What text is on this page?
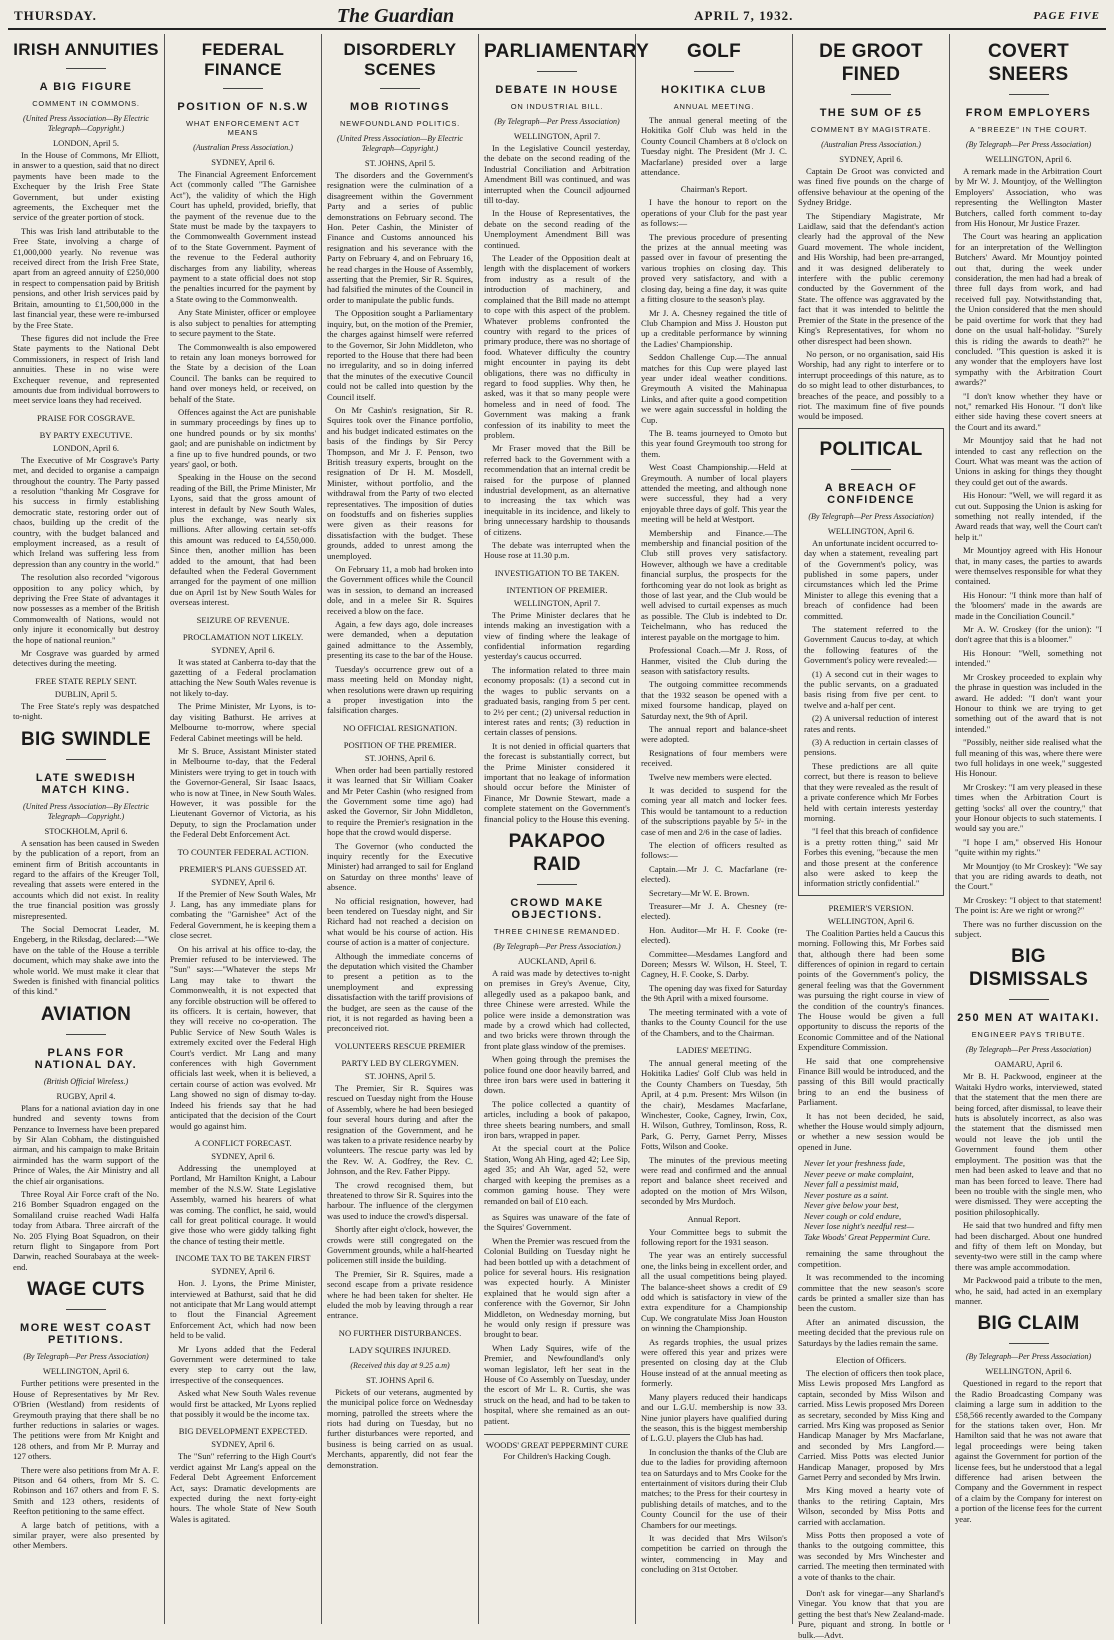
THURSDAY.	The Guardian	APRIL 7, 1932.	PAGE FIVE
IRISH ANNUITIES
A BIG FIGURE
COMMENT IN COMMONS.
(United Press Association—By Electric Telegraph—Copyright.)
LONDON, April 5.

In the House of Commons, Mr Elliott, in answer to a question, said that no direct payments have been made to the Exchequer by the Irish Free State Government, but under existing agreements, the Exchequer met the service of the greater portion of stock.

This was Irish land attributable to the Free State, involving a charge of £1,000,000 yearly. No revenue was received direct from the Irish Free State, apart from an agreed annuity of £250,000 in respect to compensation paid by British pensions, and other Irish services paid by Britain, amounting to £1,500,000 in the last financial year, these were re-imbursed by the Free State.

These figures did not include the Free State payments to the National Debt Commissioners, in respect of Irish land annuities. These in no wise were Exchequer revenue, and represented amounts due from individual borrowers to meet service loans they had received.

PRAISE FOR COSGRAVE.
BY PARTY EXECUTIVE.
LONDON, April 6.

The Executive of Mr Cosgrave's Party met, and decided to organise a campaign throughout the country. The Party passed a resolution "thanking Mr Cosgrave for his success in firmly establishing democratic state, restoring order out of chaos, building up the credit of the country, with the budget balanced and employment increased, as a result of which Ireland was suffering less from depression than any country in the world."

The resolution also recorded "vigorous opposition to any policy which, by depriving the Free State of advantages it now possesses as a member of the British Commonwealth of Nations, would not only injure it economically but destroy the hope of national reunion."

Mr Cosgrave was guarded by armed detectives during the meeting.

FREE STATE REPLY SENT.
DUBLIN, April 5.

The Free State's reply was despatched to-night.

BIG SWINDLE
LATE SWEDISH MATCH KING.
(United Press Association—By Electric Telegraph—Copyright.)
STOCKHOLM, April 6.

A sensation has been caused in Sweden by the publication of a report, from an eminent firm of British accountants in regard to the affairs of the Kreuger Toll, revealing that assets were entered in the accounts which did not exist. In reality the true financial position was grossly misrepresented.

The Social Democrat Leader, M. Engeberg, in the Riksdag, declared:—"We have on the table of the House a terrible document, which may shake awe into the whole world. We must make it clear that Sweden is finished with financial politics of this kind."

AVIATION
PLANS FOR NATIONAL DAY.
(British Official Wireless.)
RUGBY, April 4.

Plans for a national aviation day in one hundred and seventy towns from Penzance to Inverness have been prepared by Sir Alan Cobham, the distinguished airman, and his campaign to make Britain airminded has the warm support of the Prince of Wales, the Air Ministry and all the chief air organisations.

Three Royal Air Force craft of the No. 216 Bomber Squadron engaged on the Somaliland cruise reached Wadi Halfa today from Atbara. Three aircraft of the No. 205 Flying Boat Squadron, on their return flight to Singapore from Port Darwin, reached Sourabaya at the week-end.

WAGE CUTS
MORE WEST COAST PETITIONS.
(By Telegraph—Per Press Association)
WELLINGTON, April 6.

Further petitions were presented in the House of Representatives by Mr Rev. O'Brien (Westland) from residents of Greymouth praying that there shall be no further reductions in salaries or wages. The petitions were from Mr Knight and 128 others, and from Mr P. Murray and 127 others.

There were also petitions from Mr A. F. Pitson and 64 others, from Mr S. C. Robinson and 167 others and from F. S. Smith and 123 others, residents of Reefton petitioning to the same effect.

A large batch of petitions, with a similar prayer, were also presented by other Members.

FEDERAL FINANCE
POSITION OF N.S.W
WHAT ENFORCEMENT ACT MEANS
(Australian Press Association.)
SYDNEY, April 6.

The Financial Agreement Enforcement Act (commonly called "The Garnishee Act"), the validity of which the High Court has upheld, provided, briefly, that the payment of the revenue due to the State must be made by the taxpayers to the Commonwealth Government instead of to the State Government. Payment of the revenue to the Federal authority discharges from any liability, whereas payment to a state official does not stop the penalties incurred for the payment by a State owing to the Commonwealth.

Any State Minister, officer or employee is also subject to penalties for attempting to secure payment to the State.

The Commonwealth is also empowered to retain any loan moneys borrowed for the State by a decision of the Loan Council. The banks can be required to hand over moneys held, or received, on behalf of the State.

Offences against the Act are punishable in summary proceedings by fines up to one hundred pounds or by six months' gaol; and are punishable on indictment by a fine up to five hundred pounds, or two years' gaol, or both.

Speaking in the House on the second reading of the Bill, the Prime Minister, Mr Lyons, said that the gross amount of interest in default by New South Wales, plus the exchange, was nearly six millions. After allowing certain set-offs this amount was reduced to £4,550,000. Since then, another million has been added to the amount, that had been defaulted when the Federal Government arranged for the payment of one million due on April 1st by New South Wales for overseas interest.

SEIZURE OF REVENUE.
PROCLAMATION NOT LIKELY.
SYDNEY, April 6.

It was stated at Canberra to-day that the gazetting of a Federal proclamation attaching the New South Wales revenue is not likely to-day.

The Prime Minister, Mr Lyons, is to-day visiting Bathurst. He arrives at Melbourne to-morrow, where special Federal Cabinet meetings will be held.

Mr S. Bruce, Assistant Minister stated in Melbourne to-day, that the Federal Ministers were trying to get in touch with the Governor-General, Sir Isaac Isaacs, who is now at Tinee, in New South Wales. However, it was possible for the Lieutenant Governor of Victoria, as his Deputy, to sign the Proclamation under the Federal Debt Enforcement Act.

TO COUNTER FEDERAL ACTION.
PREMIER'S PLANS GUESSED AT.
SYDNEY, April 6.

If the Premier of New South Wales, Mr J. Lang, has any immediate plans for combating the "Garnishee" Act of the Federal Government, he is keeping them a close secret.

On his arrival at his office to-day, the Premier refused to be interviewed. The "Sun" says:—"Whatever the steps Mr Lang may take to thwart the Commonwealth, it is not expected that any forcible obstruction will be offered to its officers. It is certain, however, that they will receive no co-operation. The Public Service of New South Wales is extremely excited over the Federal High Court's verdict. Mr Lang and many conferences with high Government officials last week, when it is believed, a certain course of action was evolved. Mr Lang showed no sign of dismay to-day. Indeed his friends say that he had anticipated that the decision of the Court would go against him.

A CONFLICT FORECAST.
SYDNEY, April 6.

Addressing the unemployed at Portland, Mr Hamilton Knight, a Labour member of the N.S.W. State Legislative Assembly, warned his hearers of what was coming. The conflict, he said, would call for great political courage. It would give those who were giddy talking fight the chance of testing their mettle.

INCOME TAX TO BE TAKEN FIRST
SYDNEY, April 6.

Hon. J. Lyons, the Prime Minister, interviewed at Bathurst, said that he did not anticipate that Mr Lang would attempt to flout the Financial Agreement Enforcement Act, which had now been held to be valid.

Mr Lyons added that the Federal Government were determined to take every step to carry out the law, irrespective of the consequences.

Asked what New South Wales revenue would first be attacked, Mr Lyons replied that possibly it would be the income tax.

BIG DEVELOPMENT EXPECTED.
SYDNEY, April 6.

The "Sun" referring to the High Court's verdict against Mr Lang's appeal on the Federal Debt Agreement Enforcement Act, says: Dramatic developments are expected during the next forty-eight hours. The whole State of New South Wales is agitated.

DISORDERLY SCENES
MOB RIOTINGS
NEWFOUNDLAND POLITICS.
(United Press Association—By Electric Telegraph—Copyright.)
ST. JOHNS, April 5.

The disorders and the Government's resignation were the culmination of a disagreement within the Government Party and a series of public demonstrations on February second. The Hon. Peter Cashin, the Minister of Finance and Customs announced his resignation and his severance with the Party on February 4, and on February 16, he read charges in the House of Assembly, asserting that the Premier, Sir R. Squires, had falsified the minutes of the Council in order to manipulate the public funds.

The Opposition sought a Parliamentary inquiry, but, on the motion of the Premier, the charges against himself were referred to the Governor, Sir John Middleton, who reported to the House that there had been no irregularity, and so in doing inferred that the minutes of the executive Council could not be called into question by the Council itself.

On Mr Cashin's resignation, Sir R. Squires took over the Finance portfolio, and his budget indicated estimates on the basis of the findings by Sir Percy Thompson, and Mr J. F. Penson, two British treasury experts, brought on the resignation of Dr H. M. Mosdell, Minister, without portfolio, and the withdrawal from the Party of two elected representatives. The imposition of duties on foodstuffs and on fisheries supplies were given as their reasons for dissatisfaction with the budget. These grounds, added to unrest among the unemployed.

On February 11, a mob had broken into the Government offices while the Council was in session, to demand an increased dole, and in a melee Sir R. Squires received a blow on the face.

Again, a few days ago, dole increases were demanded, when a deputation gained admittance to the Assembly, presenting its case to the bar of the House.

Tuesday's occurrence grew out of a mass meeting held on Monday night, when resolutions were drawn up requiring a proper investigation into the falsification charges.

NO OFFICIAL RESIGNATION.
POSITION OF THE PREMIER.
ST. JOHNS, April 6.

When order had been partially restored it was learned that Sir William Coaker and Mr Peter Cashin (who resigned from the Government some time ago) had asked the Governor, Sir John Middleton, to require the Premier's resignation in the hope that the crowd would disperse.

The Governor (who conducted the inquiry recently for the Executive Minister) had arranged to sail for England on Saturday on three months' leave of absence.

No official resignation, however, had been tendered on Tuesday night, and Sir Richard had not reached a decision on what would be his course of action. His course of action is a matter of conjecture.

Although the immediate concerns of the deputation which visited the Chamber to present a petition as to the unemployment and expressing dissatisfaction with the tariff provisions of the budget, are seen as the cause of the riot, it is not regarded as having been a preconceived riot.

VOLUNTEERS RESCUE PREMIER
PARTY LED BY CLERGYMEN.
ST. JOHNS, April 5.

The Premier, Sir R. Squires was rescued on Tuesday night from the House of Assembly, where he had been besieged four several hours during and after the resignation of the Government, and he was taken to a private residence nearby by volunteers. The rescue party was led by the Rev. W. A. Godfrey, the Rev. C. Johnson, and the Rev. Father Pippy.

The crowd recognised them, but threatened to throw Sir R. Squires into the harbour. The influence of the clergymen was used to induce the crowd's dispersal.

Shortly after eight o'clock, however, the crowds were still congregated on the Government grounds, while a half-hearted policemen still inside the building.

The Premier, Sir R. Squires, made a second escape from a private residence where he had been taken for shelter. He eluded the mob by leaving through a rear entrance.

NO FURTHER DISTURBANCES.
LADY SQUIRES INJURED.
(Received this day at 9.25 a.m)
ST. JOHNS April 6.

Pickets of our veterans, augmented by the municipal police force on Wednesday morning, patrolled the streets where the riots had during on Tuesday, but no further disturbances were reported, and business is being carried on as usual. Merchants, apparently, did not fear the demonstration.

PARLIAMENTARY
DEBATE IN HOUSE
ON INDUSTRIAL BILL.
(By Telegraph—Per Press Association)
WELLINGTON, April 7.

In the Legislative Council yesterday, the debate on the second reading of the Industrial Conciliation and Arbitration Amendment Bill was continued, and was interrupted when the Council adjourned till to-day.

In the House of Representatives, the debate on the second reading of the Unemployment Amendment Bill was continued.

The Leader of the Opposition dealt at length with the displacement of workers from industry as a result of the introduction of machinery, and complained that the Bill made no attempt to cope with this aspect of the problem. Whatever problems confronted the country with regard to the prices of primary produce, there was no shortage of food. Whatever difficulty the country might encounter in paying its debt obligations, there was no difficulty in regard to food supplies. Why then, he asked, was it that so many people were homeless and in need of food. The Government was making a frank confession of its inability to meet the problem.

Mr Fraser moved that the Bill be referred back to the Government with a recommendation that an internal credit be raised for the purpose of planned industrial development, as an alternative to increasing the tax which was inequitable in its incidence, and likely to bring unnecessary hardship to thousands of citizens.

The debate was interrupted when the House rose at 11.30 p.m.

INVESTIGATION TO BE TAKEN.
INTENTION OF PREMIER.
WELLINGTON, April 7.

The Prime Minister declares that he intends making an investigation with a view of finding where the leakage of confidential information regarding yesterday's caucus occurred.

The information related to three main economy proposals: (1) a second cut in the wages to public servants on a graduated basis, ranging from 5 per cent. to 2½ per cent.; (2) universal reduction in interest rates and rents; (3) reduction in certain classes of pensions.

It is not denied in official quarters that the forecast is substantially correct, but the Prime Minister considered it important that no leakage of information should occur before the Minister of Finance, Mr Downie Stewart, made a complete statement on the Government's financial policy to the House this evening.

PAKAPOO RAID
CROWD MAKE OBJECTIONS.
THREE CHINESE REMANDED.
(By Telegraph—Per Press Association.)
AUCKLAND, April 6.

A raid was made by detectives to-night on premises in Grey's Avenue, City, allegedly used as a pakapoo bank, and three Chinese were arrested. While the police were inside a demonstration was made by a crowd which had collected, and two bricks were thrown through the front plate glass window of the premises.

When going through the premises the police found one door heavily barred, and three iron bars were used in battering it down.

The police collected a quantity of articles, including a book of pakapoo, three sheets bearing numbers, and small iron bars, wrapped in paper.

At the special court at the Police Station, Wong Ah Hing, aged 42; Lee Sip, aged 35; and Ah War, aged 52, were charged with keeping the premises as a common gaming house. They were remanded on bail of £10 each.

as Squires was unaware of the fate of the Squires' Government.

When the Premier was rescued from the Colonial Building on Tuesday night he had been bottled up with a detachment of police for several hours. His resignation was expected hourly. A Minister explained that he would sign after a conference with the Governor, Sir John Middleton, on Wednesday morning, but he would only resign if pressure was brought to bear.

When Lady Squires, wife of the Premier, and Newfoundland's only woman legislator, left her seat in the House of Co Assembly on Tuesday, under the escort of Mr L. R. Curtis, she was struck on the head, and had to be taken to hospital, where she remained as an out-patient.

WOODS' GREAT PEPPERMINT CURE
For Children's Hacking Cough.
GOLF
HOKITIKA CLUB
ANNUAL MEETING.

The annual general meeting of the Hokitika Golf Club was held in the County Council Chambers at 8 o'clock on Tuesday night. The President (Mr J. C. Macfarlane) presided over a large attendance.

Chairman's Report.

I have the honour to report on the operations of your Club for the past year as follows:—

The previous procedure of presenting the prizes at the annual meeting was passed over in favour of presenting the various trophies on closing day. This proved very satisfactory, and with a closing day, being a fine day, it was quite a fitting closure to the season's play.

Mr J. A. Chesney regained the title of Club Champion and Miss J. Houston put up a creditable performance by winning the Ladies' Championship.

Seddon Challenge Cup.—The annual matches for this Cup were played last year under ideal weather conditions. Greymouth A visited the Mahinapua Links, and after quite a good competition we were again successful in holding the Cup.

The B. teams journeyed to Omoto but this year found Greymouth too strong for them.

West Coast Championship.—Held at Greymouth. A number of local players attended the meeting, and although none were successful, they had a very enjoyable three days of golf. This year the meeting will be held at Westport.

Membership and Finance.—The membership and financial position of the Club still proves very satisfactory. However, although we have a creditable financial surplus, the prospects for the forthcoming year do not look as bright as those of last year, and the Club would be well advised to curtail expenses as much as possible. The Club is indebted to Dr. Teichelmann, who has reduced the interest payable on the mortgage to him.

Professional Coach.—Mr J. Ross, of Hanmer, visited the Club during the season with satisfactory results.

The outgoing committee recommends that the 1932 season be opened with a mixed foursome handicap, played on Saturday next, the 9th of April.

The annual report and balance-sheet were adopted.

Resignations of four members were received.

Twelve new members were elected.

It was decided to suspend for the coming year all match and locker fees. This would be tantamount to a reduction of the subscriptions payable by 5/- in the case of men and 2/6 in the case of ladies.

The election of officers resulted as follows:—

Captain.—Mr J. C. Macfarlane (re-elected).

Secretary—Mr W. E. Brown.

Treasurer—Mr J. A. Chesney (re-elected).

Hon. Auditor—Mr H. F. Cooke (re-elected).

Committee—Mesdames Langford and Doreen; Messrs W. Wilson, H. Steel, T. Cagney, H. F. Cooke, S. Darby.

The opening day was fixed for Saturday the 9th April with a mixed foursome.

The meeting terminated with a vote of thanks to the County Council for the use of the Chambers, and to the Chairman.

LADIES' MEETING.

The annual general meeting of the Hokitika Ladies' Golf Club was held in the County Chambers on Tuesday, 5th April, at 4 p.m. Present: Mrs Wilson (in the chair), Mesdames Macfarlane, Winchester, Cooke, Cagney, Irwin, Cox, H. Wilson, Guthrey, Tomlinson, Ross, R. Park, G. Perry, Garnet Perry, Misses Fotts, Wilson and Cooke.

The minutes of the previous meeting were read and confirmed and the annual report and balance sheet received and adopted on the motion of Mrs Wilson, seconded by Mrs Murdoch.

Annual Report.

Your Committee begs to submit the following report for the 1931 season.

The year was an entirely successful one, the links being in excellent order, and all the usual competitions being played. The balance-sheet shows a credit of £9 odd which is satisfactory in view of the extra expenditure for a Championship Cup. We congratulate Miss Joan Houston on winning the Championship.

As regards trophies, the usual prizes were offered this year and prizes were presented on closing day at the Club House instead of at the annual meeting as formerly.

Many players reduced their handicaps and our L.G.U. membership is now 33. Nine junior players have qualified during the season, this is the biggest membership of L.G.U. players the Club has had.

In conclusion the thanks of the Club are due to the ladies for providing afternoon tea on Saturdays and to Mrs Cooke for the entertainment of visitors during their Club matches; to the Press for their courtesy in publishing details of matches, and to the County Council for the use of their Chambers for our meetings.

It was decided that Mrs Wilson's competition be carried on through the winter, commencing in May and concluding on 31st October.

DE GROOT FINED
THE SUM OF £5
COMMENT BY MAGISTRATE.
(Australian Press Association.)
SYDNEY, April 6.

Captain De Groot was convicted and was fined five pounds on the charge of offensive behaviour at the opening of the Sydney Bridge.

The Stipendiary Magistrate, Mr Laidlaw, said that the defendant's action clearly had the approval of the New Guard movement. The whole incident, and His Worship, had been pre-arranged, and it was designed deliberately to interfere with the public ceremony conducted by the Government of the State. The offence was aggravated by the fact that it was intended to belittle the Premier of the State in the presence of the King's Representatives, for whom no other disrespect had been shown.

No person, or no organisation, said His Worship, had any right to interfere or to interrupt proceedings of this nature, as to do so might lead to other disturbances, to breaches of the peace, and possibly to a riot. The maximum fine of five pounds would be imposed.

POLITICAL
A BREACH OF CONFIDENCE
(By Telegraph—Per Press Association)
WELLINGTON, April 6.

An unfortunate incident occurred to-day when a statement, revealing part of the Government's policy, was published in some papers, under circumstances which led the Prime Minister to allege this evening that a breach of confidence had been committed.

The statement referred to the Government Caucus to-day, at which the following features of the Government's policy were revealed:—

(1) A second cut in their wages to the public servants, on a graduated basis rising from five per cent. to twelve and a-half per cent.

(2) A universal reduction of interest rates and rents.

(3) A reduction in certain classes of pensions.

These predictions are all quite correct, but there is reason to believe that they were revealed as the result of a private conference which Mr Forbes held with certain interests yesterday morning.

"I feel that this breach of confidence is a pretty rotten thing," said Mr Forbes this evening, "because the men and those present at the conference also were asked to keep the information strictly confidential."

PREMIER'S VERSION.
WELLINGTON, April 6.

The Coalition Parties held a Caucus this morning. Following this, Mr Forbes said that, although there had been some differences of opinion in regard to certain points of the Government's policy, the general feeling was that the Government was pursuing the right course in view of the condition of the country's finances. The House would be given a full opportunity to discuss the reports of the Economic Committee and of the National Expenditure Commission.

He said that one comprehensive Finance Bill would be introduced, and the passing of this Bill would practically bring to an end the business of Parliament.

It has not been decided, he said, whether the House would simply adjourn, or whether a new session would be opened in June.

Never let your freshness fade,
Never peeve or make complaint,
Never fall a pessimist maid,
Never posture as a saint.
Never give below your best,
Never cough or cold endure,
Never lose night's needful rest—
Take Woods' Great Peppermint Cure.

remaining the same throughout the competition.

It was recommended to the incoming committee that the new season's score cards be printed a smaller size than has been the custom.

After an animated discussion, the meeting decided that the previous rule on Saturdays by the ladies remain the same.

Election of Officers.

The election of officers then took place, Miss Lewis proposed Mrs Langford as captain, seconded by Miss Wilson and carried. Miss Lewis proposed Mrs Doreen as secretary, seconded by Miss King and carried. Mrs King was proposed as Senior Handicap Manager by Mrs Macfarlane, and seconded by Mrs Langford.—Carried. Miss Potts was elected Junior Handicap Manager, proposed by Mrs Garnet Perry and seconded by Mrs Irwin.

Mrs King moved a hearty vote of thanks to the retiring Captain, Mrs Wilson, seconded by Miss Potts and carried with acclamation.

Miss Potts then proposed a vote of thanks to the outgoing committee, this was seconded by Mrs Winchester and carried. The meeting then terminated with a vote of thanks to the chair.

Don't ask for vinegar—any Sharland's Vinegar. You know that that you are getting the best that's New Zealand-made. Pure, piquant and strong. In bottle or bulk.—Advt.

COVERT SNEERS
FROM EMPLOYERS
A "BREEZE" IN THE COURT.
(By Telegraph—Per Press Association)
WELLINGTON, April 6.

A remark made in the Arbitration Court by Mr W. J. Mountjoy, of the Wellington Employers' Association, who was representing the Wellington Master Butchers, called forth comment to-day from His Honour, Mr Justice Frazer.

The Court was hearing an application for an interpretation of the Wellington Butchers' Award. Mr Mountjoy pointed out that, during the week under consideration, the men had had a break of three full days from work, and had received full pay. Notwithstanding that, the Union considered that the men should be paid overtime for work that they had done on the usual half-holiday. "Surely this is riding the awards to death?" he concluded. "This question is asked it is any wonder that the employers have lost sympathy with the Arbitration Court awards?"

"I don't know whether they have or not," remarked His Honour. "I don't like either side having these covert sneers at the Court and its award."

Mr Mountjoy said that he had not intended to cast any reflection on the Court. What was meant was the action of Unions in asking for things they thought they could get out of the awards.

His Honour: "Well, we will regard it as cut out. Supposing the Union is asking for something not really intended, if the Award reads that way, well the Court can't help it."

Mr Mountjoy agreed with His Honour that, in many cases, the parties to awards were themselves responsible for what they contained.

His Honour: "I think more than half of the 'bloomers' made in the awards are made in the Conciliation Council."

Mr A. W. Croskey (for the union): "I don't agree that this is a bloomer."

His Honour: "Well, something not intended."

Mr Croskey proceeded to explain why the phrase in question was included in the award. He added: "I don't want your Honour to think we are trying to get something out of the award that is not intended."

"Possibly, neither side realised what the full meaning of this was, where there were two full holidays in one week," suggested His Honour.

Mr Croskey: "I am very pleased in these times when the Arbitration Court is getting 'socks' all over the country," that your Honour objects to such statements. I would say you are."

"I hope I am," observed His Honour "quite within my rights."

Mr Mountjoy (to Mr Croskey): "We say that you are riding awards to death, not the Court."

Mr Croskey: "I object to that statement! The point is: Are we right or wrong?"

There was no further discussion on the subject.

BIG DISMISSALS
250 MEN AT WAITAKI.
ENGINEER PAYS TRIBUTE.
(By Telegraph—Per Press Association)
OAMARU, April 6.

Mr B. H. Packwood, engineer at the Waitaki Hydro works, interviewed, stated that the statement that the men there are being forced, after dismissal, to leave their huts is absolutely incorrect, as also was the statement that the dismissed men would not leave the job until the Government found them other employment. The position was that the men had been asked to leave and that no man has been forced to leave. There had been no trouble with the single men, who were dismissed. They were accepting the position philosophically.

He said that two hundred and fifty men had been discharged. About one hundred and fifty of them left on Monday, but seventy-two were still in the camp where there was ample accommodation.

Mr Packwood paid a tribute to the men, who, he said, had acted in an exemplary manner.

BIG CLAIM
(By Telegraph—Per Press Association)
WELLINGTON, April 6.

Questioned in regard to the report that the Radio Broadcasting Company was claiming a large sum in addition to the £58,566 recently awarded to the Company for the stations taken over, Hon. Mr Hamilton said that he was not aware that legal proceedings were being taken against the Government for portion of the license fees, but he understood that a legal difference had arisen between the Company and the Government in respect of a claim by the Company for interest on a portion of the license fees for the current year.
